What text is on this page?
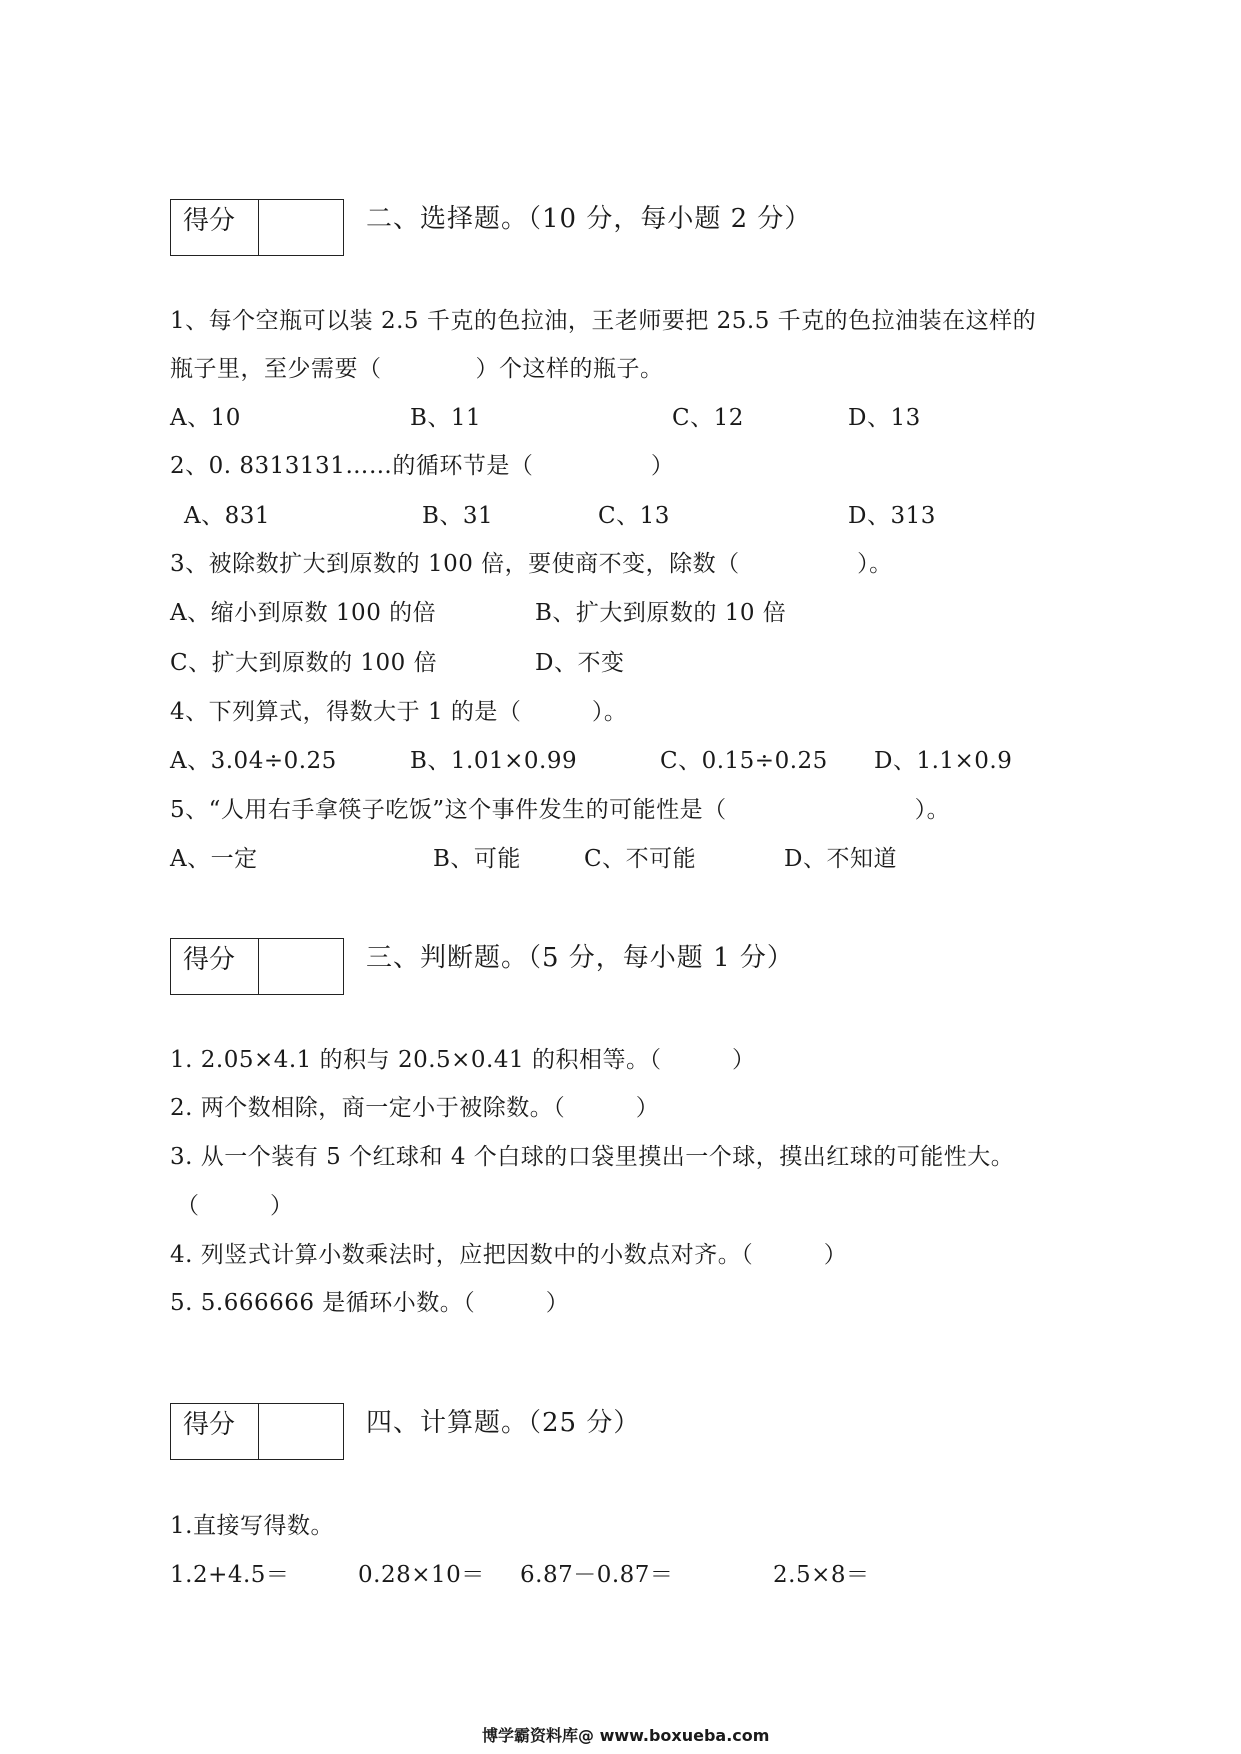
得分	二、选择题。（10 分，每小题 2 分）
1、每个空瓶可以装 2.5 千克的色拉油，王老师要把 25.5 千克的色拉油装在这样的
瓶子里，至少需要（　　　　）个这样的瓶子。
A、10	B、11	C、12	D、13
2、0. 8313131……的循环节是（　　　　　）
A、831	B、31	C、13	D、313
3、被除数扩大到原数的 100 倍，要使商不变，除数（　　　　　）。
A、缩小到原数 100 的倍	B、扩大到原数的 10 倍
C、扩大到原数的 100 倍	D、不变
4、下列算式，得数大于 1 的是（　　　）。
A、3.04÷0.25	B、1.01×0.99	C、0.15÷0.25 D、1.1×0.9
5、“人用右手拿筷子吃饭”这个事件发生的可能性是（　　　　　　　　）。
A、一定	B、可能	C、不可能	D、不知道
得分	三、判断题。（5 分，每小题 1 分）
1. 2.05×4.1 的积与 20.5×0.41 的积相等。（　　　）
2. 两个数相除，商一定小于被除数。（　　　）
3. 从一个装有 5 个红球和 4 个白球的口袋里摸出一个球，摸出红球的可能性大。
（　　　）
4. 列竖式计算小数乘法时，应把因数中的小数点对齐。（　　　）
5. 5.666666 是循环小数。（　　　）
得分	四、计算题。（25 分）
1.直接写得数。
1.2+4.5＝	0.28×10＝ 6.87－0.87＝	2.5×8＝
博学霸资料库@ www.boxueba.com
